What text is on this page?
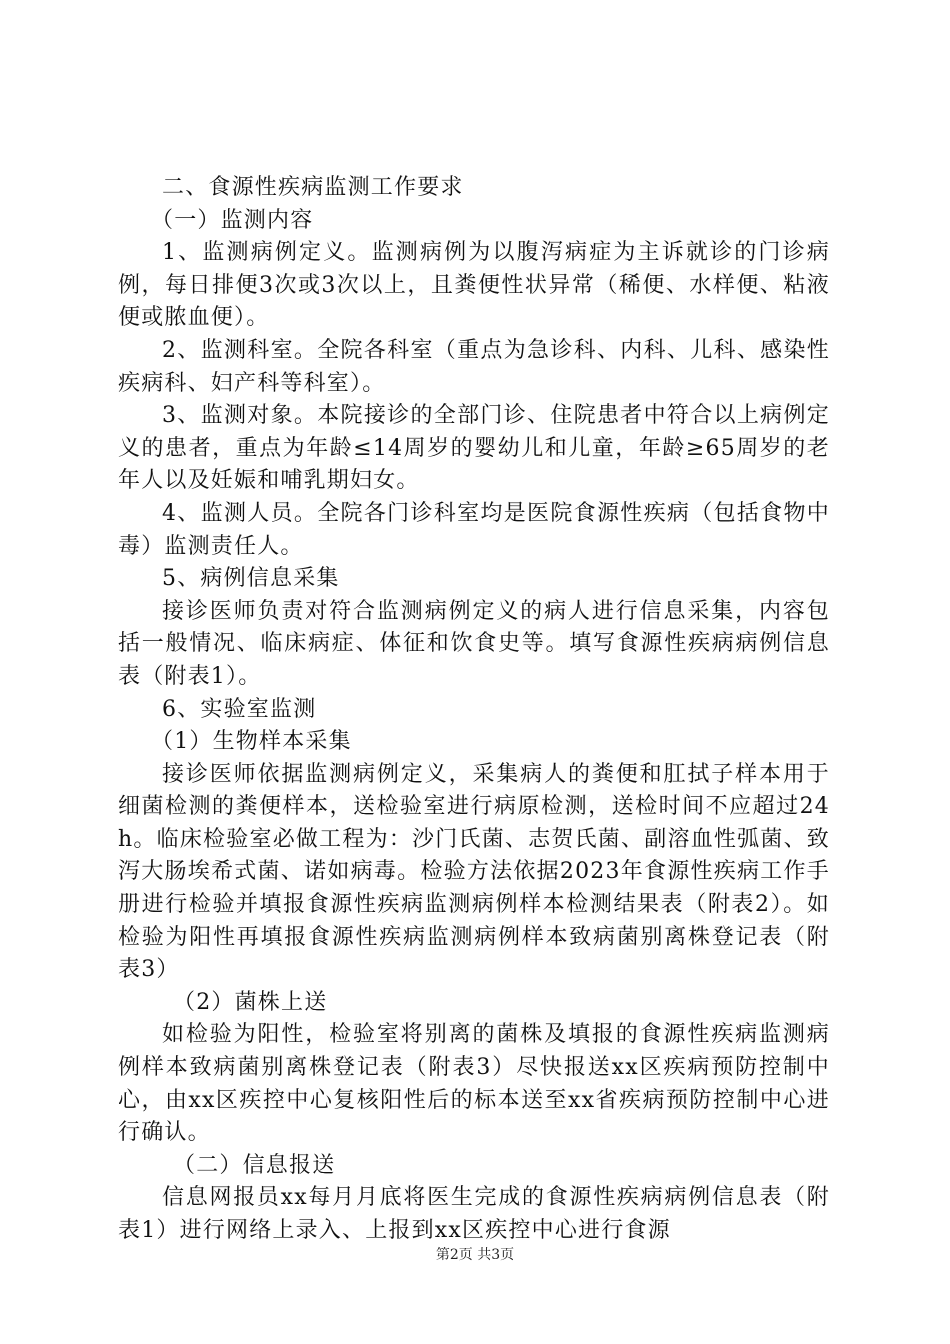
二、食源性疾病监测工作要求

（一）监测内容

1、监测病例定义。监测病例为以腹泻病症为主诉就诊的门诊病例，每日排便3次或3次以上，且粪便性状异常（稀便、水样便、粘液便或脓血便）。

2、监测科室。全院各科室（重点为急诊科、内科、儿科、感染性疾病科、妇产科等科室）。

3、监测对象。本院接诊的全部门诊、住院患者中符合以上病例定义的患者，重点为年龄≤14周岁的婴幼儿和儿童，年龄≥65周岁的老年人以及妊娠和哺乳期妇女。

4、监测人员。全院各门诊科室均是医院食源性疾病（包括食物中毒）监测责任人。

5、病例信息采集

接诊医师负责对符合监测病例定义的病人进行信息采集，内容包括一般情况、临床病症、体征和饮食史等。填写食源性疾病病例信息表（附表1）。

6、实验室监测

（1）生物样本采集

接诊医师依据监测病例定义，采集病人的粪便和肛拭子样本用于细菌检测的粪便样本，送检验室进行病原检测，送检时间不应超过24h。临床检验室必做工程为：沙门氏菌、志贺氏菌、副溶血性弧菌、致泻大肠埃希式菌、诺如病毒。检验方法依据2023年食源性疾病工作手册进行检验并填报食源性疾病监测病例样本检测结果表（附表2）。如检验为阳性再填报食源性疾病监测病例样本致病菌别离株登记表（附表3）

（2）菌株上送

如检验为阳性，检验室将别离的菌株及填报的食源性疾病监测病例样本致病菌别离株登记表（附表3）尽快报送xx区疾病预防控制中心，由xx区疾控中心复核阳性后的标本送至xx省疾病预防控制中心进行确认。

（二）信息报送

信息网报员xx每月月底将医生完成的食源性疾病病例信息表（附表1）进行网络上录入、上报到xx区疾控中心进行食源

第2页 共3页
